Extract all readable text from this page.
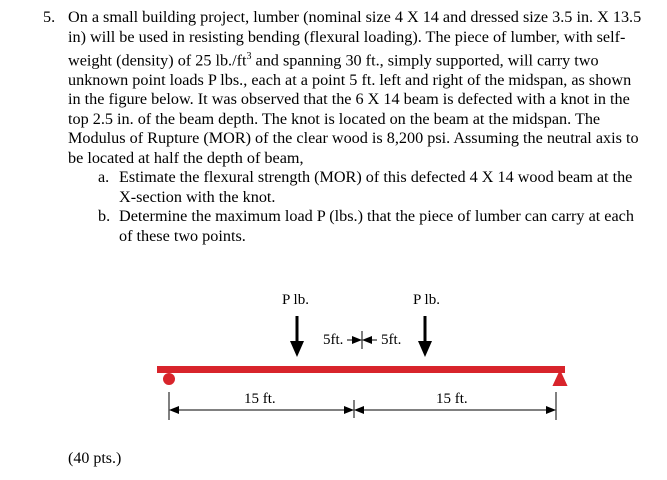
5. On a small building project, lumber (nominal size 4 X 14 and dressed size 3.5 in. X 13.5 in) will be used in resisting bending (flexural loading). The piece of lumber, with self-weight (density) of 25 $lb./ft^3$ and spanning 30 ft., simply supported, will carry two unknown point loads P lbs., each at a point 5 ft. left and right of the midspan, as shown in the figure below. It was observed that the 6 X 14 beam is defected with a knot in the top 2.5 in. of the beam depth. The knot is located on the beam at the midspan. The Modulus of Rupture (MOR) of the clear wood is 8,200 psi. Assuming the neutral axis to be located at half the depth of beam,

a. Estimate the flexural strength (MOR) of this defected 4 X 14 wood beam at the X-section with the knot.

b. Determine the maximum load P (lbs.) that the piece of lumber can carry at each of these two points.

P lb.	P lb.
5ft.	5ft.
15 ft.	15 ft.
(40 pts.)
